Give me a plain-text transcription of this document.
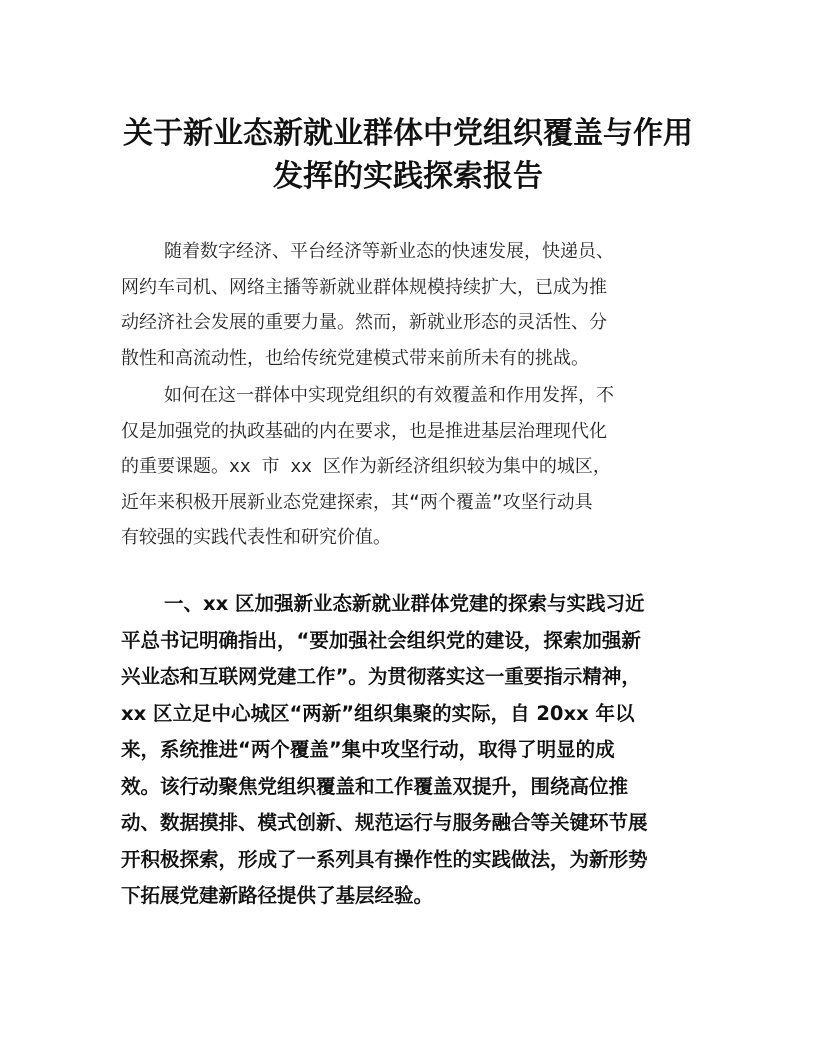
关于新业态新就业群体中党组织覆盖与作用
发挥的实践探索报告

随着数字经济、平台经济等新业态的快速发展，快递员、
网约车司机、网络主播等新就业群体规模持续扩大，已成为推
动经济社会发展的重要力量。然而，新就业形态的灵活性、分
散性和高流动性，也给传统党建模式带来前所未有的挑战。

如何在这一群体中实现党组织的有效覆盖和作用发挥，不
仅是加强党的执政基础的内在要求，也是推进基层治理现代化
的重要课题。xx 市 xx 区作为新经济组织较为集中的城区，
近年来积极开展新业态党建探索，其“两个覆盖”攻坚行动具
有较强的实践代表性和研究价值。

一、xx 区加强新业态新就业群体党建的探索与实践习近
平总书记明确指出，“要加强社会组织党的建设，探索加强新
兴业态和互联网党建工作”。为贯彻落实这一重要指示精神，
xx 区立足中心城区“两新”组织集聚的实际，自 20xx 年以
来，系统推进“两个覆盖”集中攻坚行动，取得了明显的成
效。该行动聚焦党组织覆盖和工作覆盖双提升，围绕高位推
动、数据摸排、模式创新、规范运行与服务融合等关键环节展
开积极探索，形成了一系列具有操作性的实践做法，为新形势
下拓展党建新路径提供了基层经验。
